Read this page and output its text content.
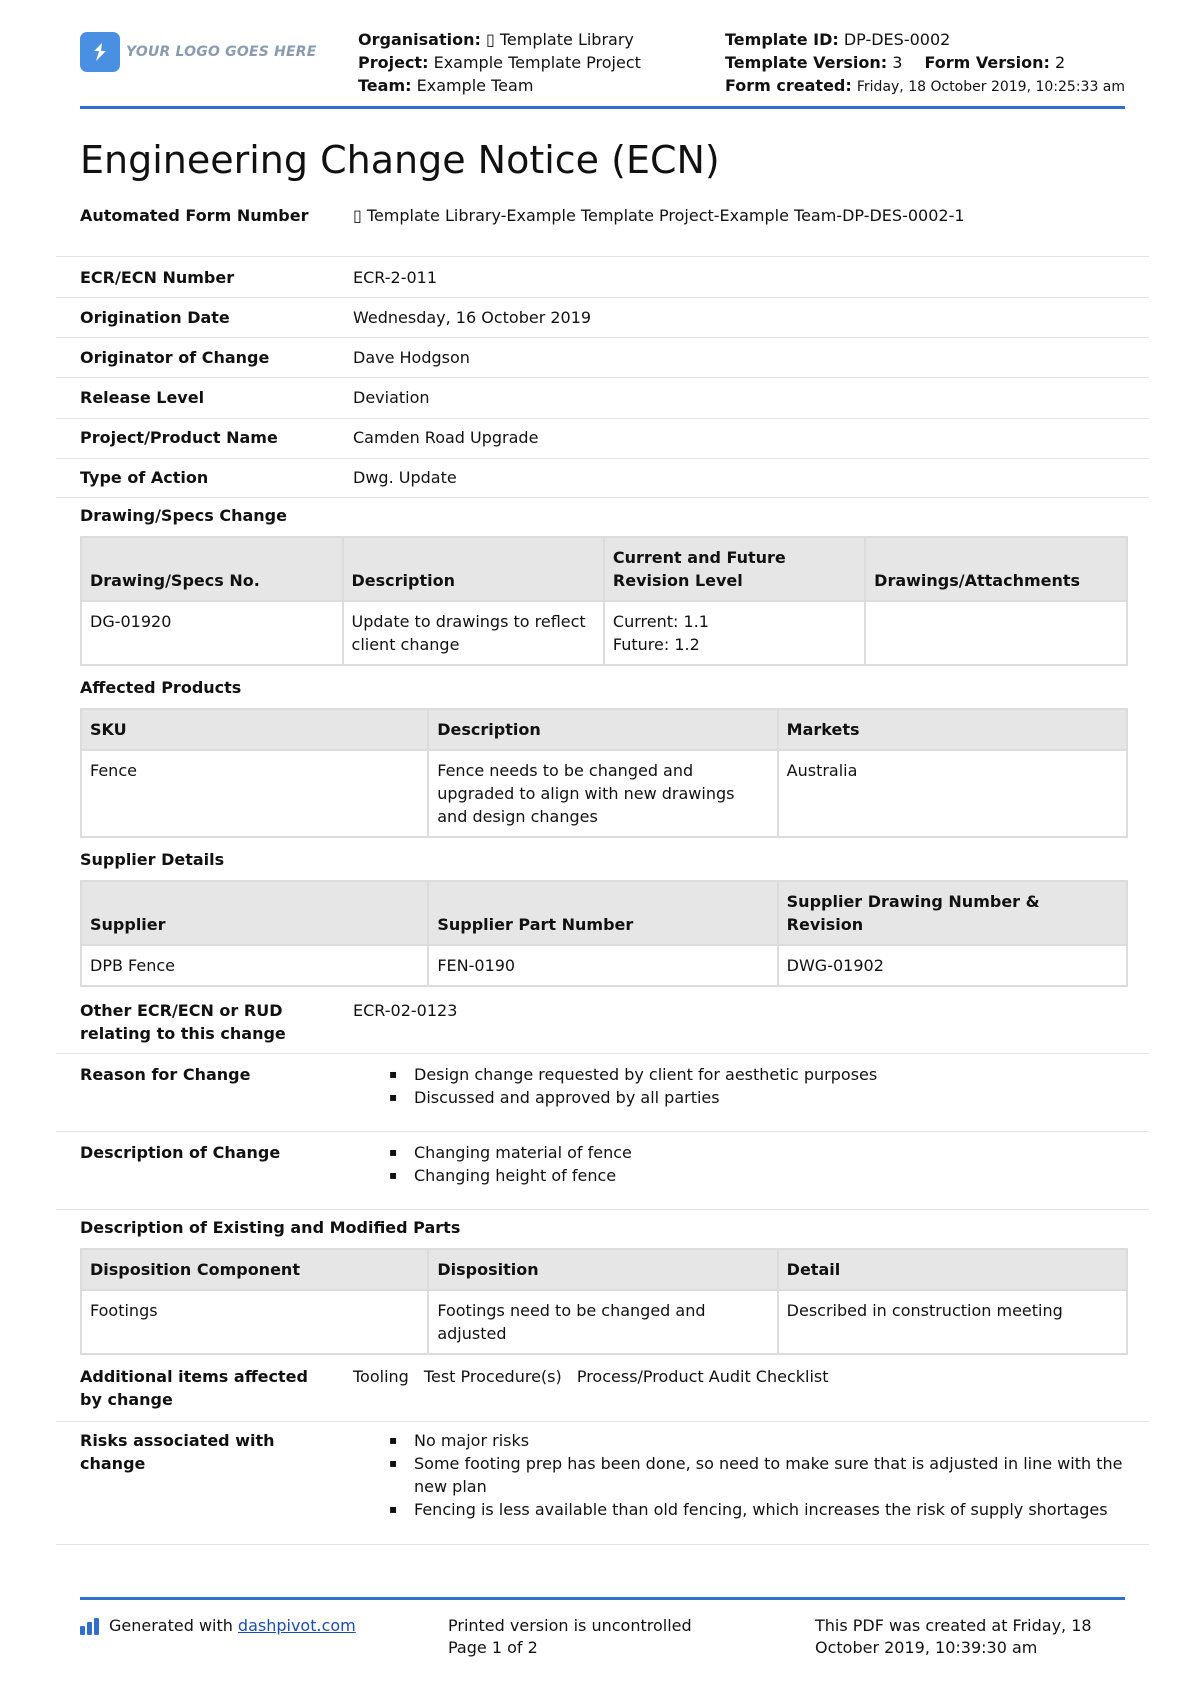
YOUR LOGO GOES HERE
Organisation: ▯ Template Library
Project: Example Template Project
Team: Example Team
Template ID: DP-DES-0002
Template Version: 3 Form Version: 2
Form created: Friday, 18 October 2019, 10:25:33 am
Engineering Change Notice (ECN)
Automated Form Number	▯ Template Library-Example Template Project-Example Team-DP-DES-0002-1
ECR/ECN Number	ECR-2-011
Origination Date	Wednesday, 16 October 2019
Originator of Change	Dave Hodgson
Release Level	Deviation
Project/Product Name	Camden Road Upgrade
Type of Action	Dwg. Update
Drawing/Specs Change
Drawing/Specs No.	Description	Current and Future Revision Level	Drawings/Attachments
DG-01920	Update to drawings to reflect client change	Current: 1.1
Future: 1.2	

Affected Products
SKU	Description	Markets
Fence	Fence needs to be changed and upgraded to align with new drawings and design changes	Australia
Supplier Details
Supplier	Supplier Part Number	Supplier Drawing Number & Revision
DPB Fence	FEN-0190	DWG-01902
Other ECR/ECN or RUD relating to this change
ECR-02-0123
Reason for Change	▪ Design change requested by client for aesthetic purposes
▪ Discussed and approved by all parties
Description of Change	▪ Changing material of fence
▪ Changing height of fence
Description of Existing and Modified Parts
Disposition Component	Disposition	Detail
Footings	Footings need to be changed and adjusted	Described in construction meeting
Additional items affected by change
Tooling Test Procedure(s) Process/Product Audit Checklist
Risks associated with change
▪ No major risks
▪ Some footing prep has been done, so need to make sure that is adjusted in line with the new plan
▪ Fencing is less available than old fencing, which increases the risk of supply shortages
Generated with dashpivot.com	Printed version is uncontrolled
Page 1 of 2
This PDF was created at Friday, 18 October 2019, 10:39:30 am
